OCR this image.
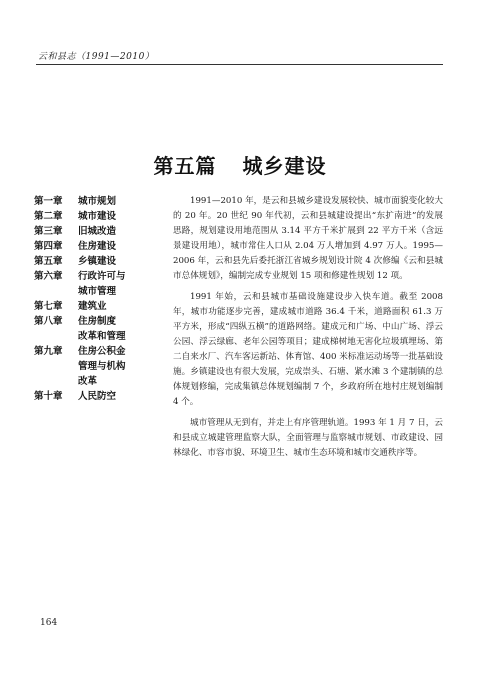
云和县志（1991—2010）
第五篇 城乡建设
第一章	城市规划
第二章	城市建设
第三章	旧城改造
第四章	住房建设
第五章	乡镇建设
第六章	行政许可与
城市管理
第七章	建筑业
第八章	住房制度
改革和管理
第九章	住房公积金
管理与机构
改革
第十章	人民防空

1991—2010 年，是云和县城乡建设发展较快、城市面貌变化较大的 20 年。20 世纪 90 年代初，云和县城建设提出“东扩南进”的发展思路，规划建设用地范围从 3.14 平方千米扩展到 22 平方千米（含远景建设用地），城市常住人口从 2.04 万人增加到 4.97 万人。1995—2006 年，云和县先后委托浙江省城乡规划设计院 4 次修编《云和县城市总体规划》，编制完成专业规划 15 项和修建性规划 12 项。

1991 年始，云和县城市基础设施建设步入快车道。截至 2008 年，城市功能逐步完善，建成城市道路 36.4 千米，道路面积 61.3 万平方米，形成“四纵五横”的道路网络。建成元和广场、中山广场、浮云公园、浮云绿廊、老年公园等项目；建成梯树地无害化垃圾填埋场、第二自来水厂、汽车客运新站、体育馆、400 米标准运动场等一批基础设施。乡镇建设也有很大发展，完成崇头、石塘、紧水滩 3 个建制镇的总体规划修编，完成集镇总体规划编制 7 个，乡政府所在地村庄规划编制 4 个。

城市管理从无到有，并走上有序管理轨道。1993 年 1 月 7 日，云和县成立城建管理监察大队，全面管理与监察城市规划、市政建设、园林绿化、市容市貌、环境卫生、城市生态环境和城市交通秩序等。

164
